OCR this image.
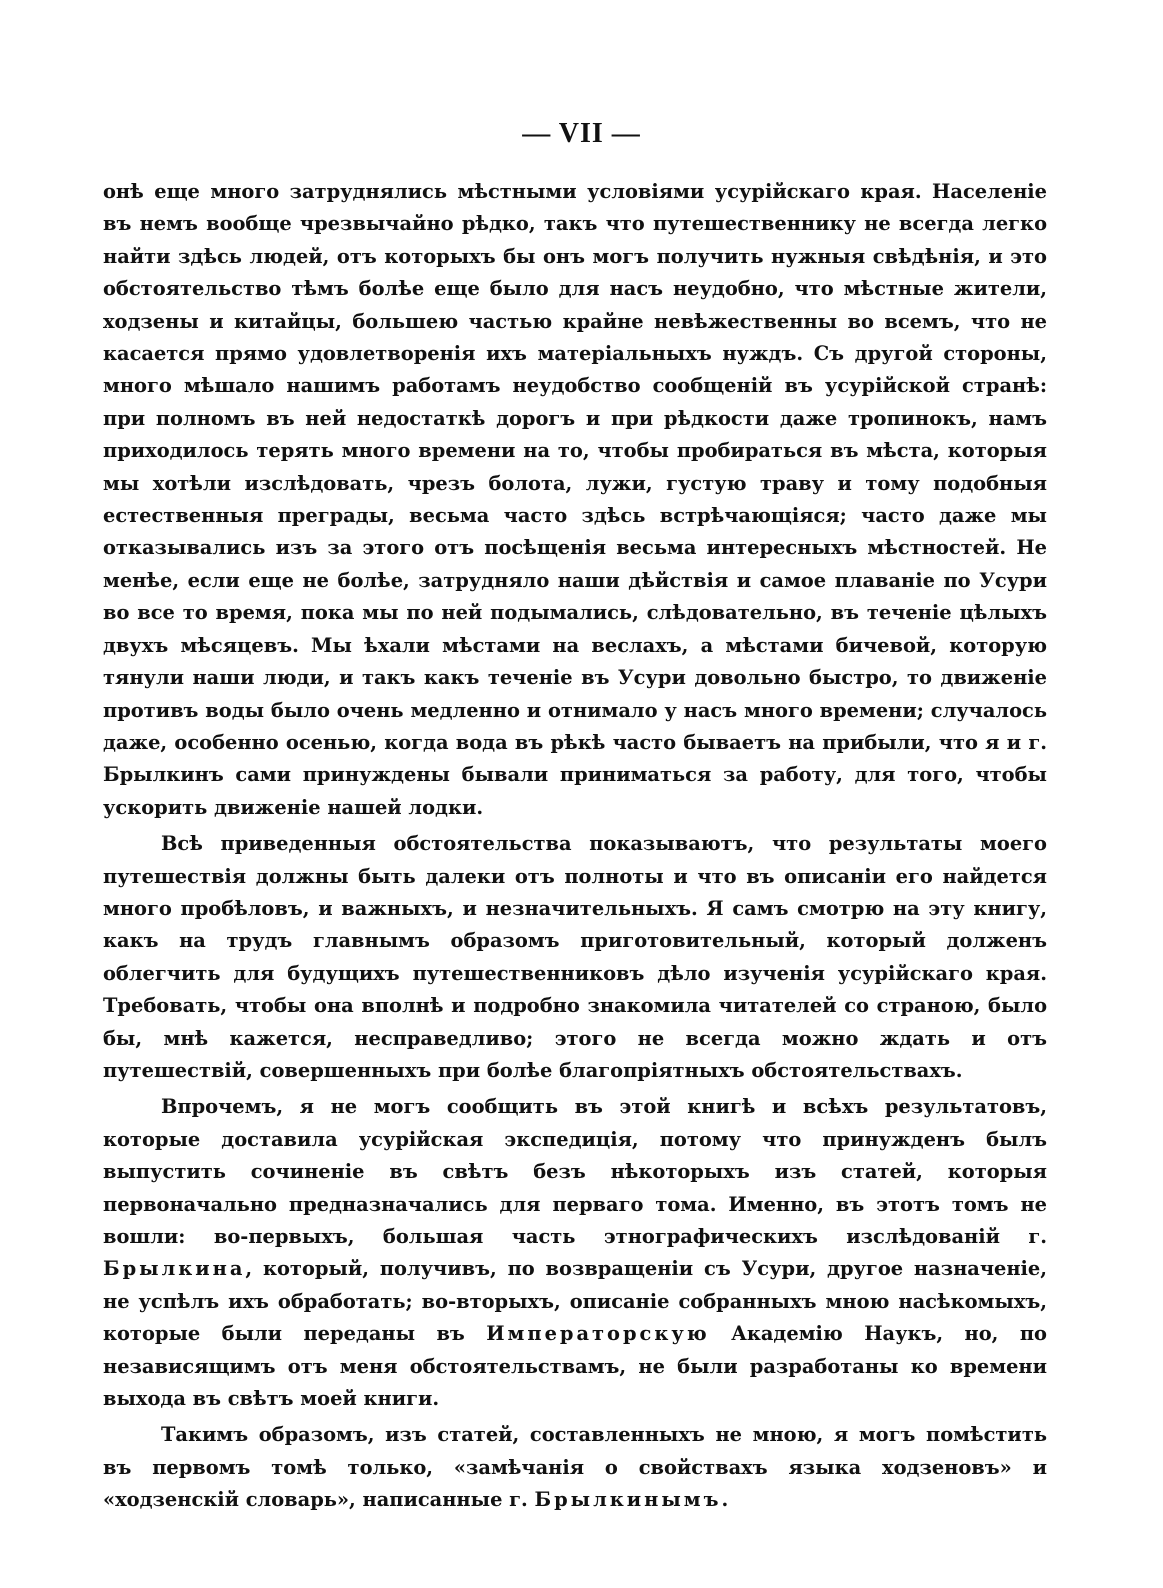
— VII —

онѣ еще много затруднялись мѣстными условіями усурійскаго края. Населеніе въ немъ вообще чрезвычайно рѣдко, такъ что путешественнику не всегда легко найти здѣсь людей, отъ которыхъ бы онъ могъ получить нужныя свѣдѣнія, и это обстоятельство тѣмъ болѣе еще было для насъ неудобно, что мѣстные жители, ходзены и китайцы, большею частью крайне невѣжественны во всемъ, что не касается прямо удовлетворенія ихъ матеріальныхъ нуждъ. Съ другой стороны, много мѣшало нашимъ работамъ неудобство сообщеній въ усурійской странѣ: при полномъ въ ней недостаткѣ дорогъ и при рѣдкости даже тропинокъ, намъ приходилось терять много времени на то, чтобы пробираться въ мѣста, которыя мы хотѣли изслѣдовать, чрезъ болота, лужи, густую траву и тому подобныя естественныя преграды, весьма часто здѣсь встрѣчающіяся; часто даже мы отказывались изъ за этого отъ посѣщенія весьма интересныхъ мѣстностей. Не менѣе, если еще не болѣе, затрудняло наши дѣйствія и самое плаваніе по Усури во все то время, пока мы по ней подымались, слѣдовательно, въ теченіе цѣлыхъ двухъ мѣсяцевъ. Мы ѣхали мѣстами на веслахъ, а мѣстами бичевой, которую тянули наши люди, и такъ какъ теченіе въ Усури довольно быстро, то движеніе противъ воды было очень медленно и отнимало у насъ много времени; случалось даже, особенно осенью, когда вода въ рѣкѣ часто бываетъ на прибыли, что я и г. Брылкинъ сами принуждены бывали приниматься за работу, для того, чтобы ускорить движеніе нашей лодки.

Всѣ приведенныя обстоятельства показываютъ, что результаты моего путешествія должны быть далеки отъ полноты и что въ описаніи его найдется много пробѣловъ, и важныхъ, и незначительныхъ. Я самъ смотрю на эту книгу, какъ на трудъ главнымъ образомъ приготовительный, который долженъ облегчить для будущихъ путешественниковъ дѣло изученія усурійскаго края. Требовать, чтобы она вполнѣ и подробно знакомила читателей со страною, было бы, мнѣ кажется, несправедливо; этого не всегда можно ждать и отъ путешествій, совершенныхъ при болѣе благопріятныхъ обстоятельствахъ.

Впрочемъ, я не могъ сообщить въ этой книгѣ и всѣхъ результатовъ, которые доставила усурійская экспедиція, потому что принужденъ былъ выпустить сочиненіе въ свѣтъ безъ нѣкоторыхъ изъ статей, которыя первоначально предназначались для перваго тома. Именно, въ этотъ томъ не вошли: во-первыхъ, большая часть этнографическихъ изслѣдованій г. Брылкина, который, получивъ, по возвращеніи съ Усури, другое назначеніе, не успѣлъ ихъ обработать; во-вторыхъ, описаніе собранныхъ мною насѣкомыхъ, которые были переданы въ Императорскую Академію Наукъ, но, по независящимъ отъ меня обстоятельствамъ, не были разработаны ко времени выхода въ свѣтъ моей книги.

Такимъ образомъ, изъ статей, составленныхъ не мною, я могъ помѣстить въ первомъ томѣ только, «замѣчанія о свойствахъ языка ходзеновъ» и «ходзенскій словарь», написанные г. Брылкинымъ.
